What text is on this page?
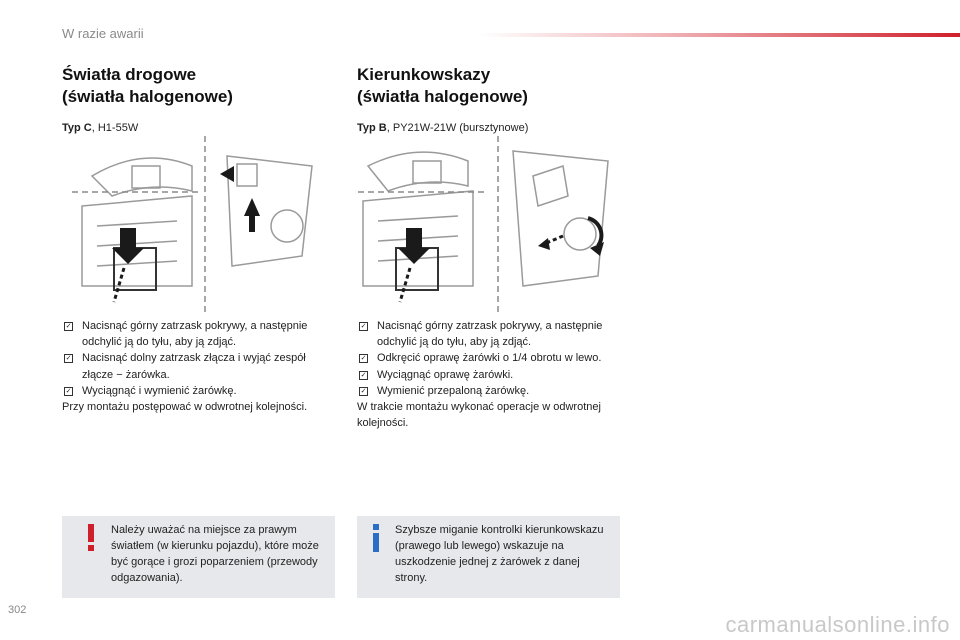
W razie awarii
Światła drogowe
(światła halogenowe)
Typ C, H1-55W
✓ Nacisnąć górny zatrzask pokrywy, a następnie odchylić ją do tyłu, aby ją zdjąć.
✓ Nacisnąć dolny zatrzask złącza i wyjąć zespół złącze − żarówka.
✓ Wyciągnąć i wymienić żarówkę.
Przy montażu postępować w odwrotnej kolejności.
Kierunkowskazy
(światła halogenowe)
Typ B, PY21W-21W (bursztynowe)
✓ Nacisnąć górny zatrzask pokrywy, a następnie odchylić ją do tyłu, aby ją zdjąć.
✓ Odkręcić oprawę żarówki o 1/4 obrotu w lewo.
✓ Wyciągnąć oprawę żarówki.
✓ Wymienić przepaloną żarówkę.
W trakcie montażu wykonać operacje w odwrotnej kolejności.
Należy uważać na miejsce za prawym światłem (w kierunku pojazdu), które może być gorące i grozi poparzeniem (przewody odgazowania).
Szybsze miganie kontrolki kierunkowskazu (prawego lub lewego) wskazuje na uszkodzenie jednej z żarówek z danej strony.
302
carmanualsonline.info
